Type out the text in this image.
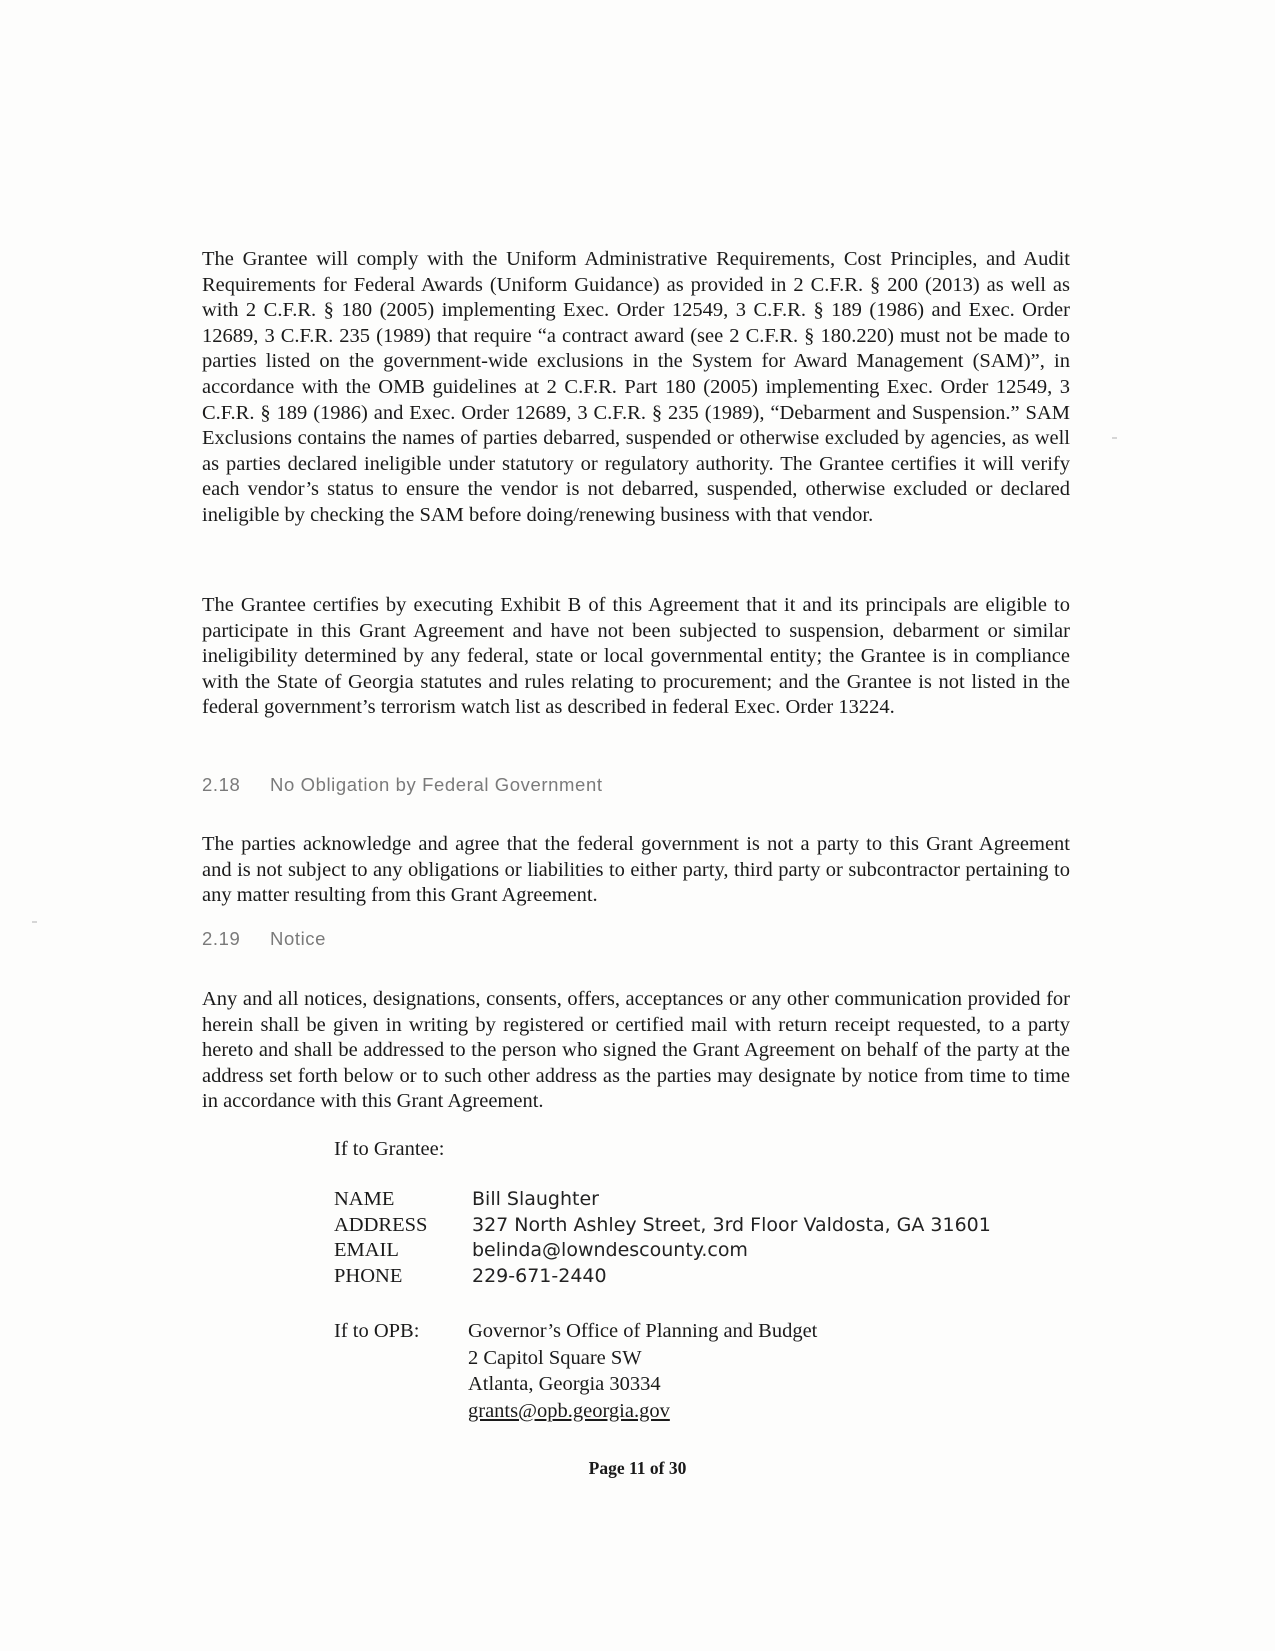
The Grantee will comply with the Uniform Administrative Requirements, Cost Principles, and Audit Requirements for Federal Awards (Uniform Guidance) as provided in 2 C.F.R. § 200 (2013) as well as with 2 C.F.R. § 180 (2005) implementing Exec. Order 12549, 3 C.F.R. § 189 (1986) and Exec. Order 12689, 3 C.F.R. 235 (1989) that require “a contract award (see 2 C.F.R. § 180.220) must not be made to parties listed on the government-wide exclusions in the System for Award Management (SAM)”, in accordance with the OMB guidelines at 2 C.F.R. Part 180 (2005) implementing Exec. Order 12549, 3 C.F.R. § 189 (1986) and Exec. Order 12689, 3 C.F.R. § 235 (1989), “Debarment and Suspension.” SAM Exclusions contains the names of parties debarred, suspended or otherwise excluded by agencies, as well as parties declared ineligible under statutory or regulatory authority. The Grantee certifies it will verify each vendor’s status to ensure the vendor is not debarred, suspended, otherwise excluded or declared ineligible by checking the SAM before doing/renewing business with that vendor.

The Grantee certifies by executing Exhibit B of this Agreement that it and its principals are eligible to participate in this Grant Agreement and have not been subjected to suspension, debarment or similar ineligibility determined by any federal, state or local governmental entity; the Grantee is in compliance with the State of Georgia statutes and rules relating to procurement; and the Grantee is not listed in the federal government’s terrorism watch list as described in federal Exec. Order 13224.

2.18 No Obligation by Federal Government

The parties acknowledge and agree that the federal government is not a party to this Grant Agreement and is not subject to any obligations or liabilities to either party, third party or subcontractor pertaining to any matter resulting from this Grant Agreement.

2.19 Notice

Any and all notices, designations, consents, offers, acceptances or any other communication provided for herein shall be given in writing by registered or certified mail with return receipt requested, to a party hereto and shall be addressed to the person who signed the Grant Agreement on behalf of the party at the address set forth below or to such other address as the parties may designate by notice from time to time in accordance with this Grant Agreement.

If to Grantee:
NAME	Bill Slaughter
ADDRESS	327 North Ashley Street, 3rd Floor Valdosta, GA 31601
EMAIL	belinda@lowndescounty.com
PHONE	229-671-2440
If to OPB:	Governor’s Office of Planning and Budget
2 Capitol Square SW
Atlanta, Georgia 30334
grants@opb.georgia.gov
Page 11 of 30
